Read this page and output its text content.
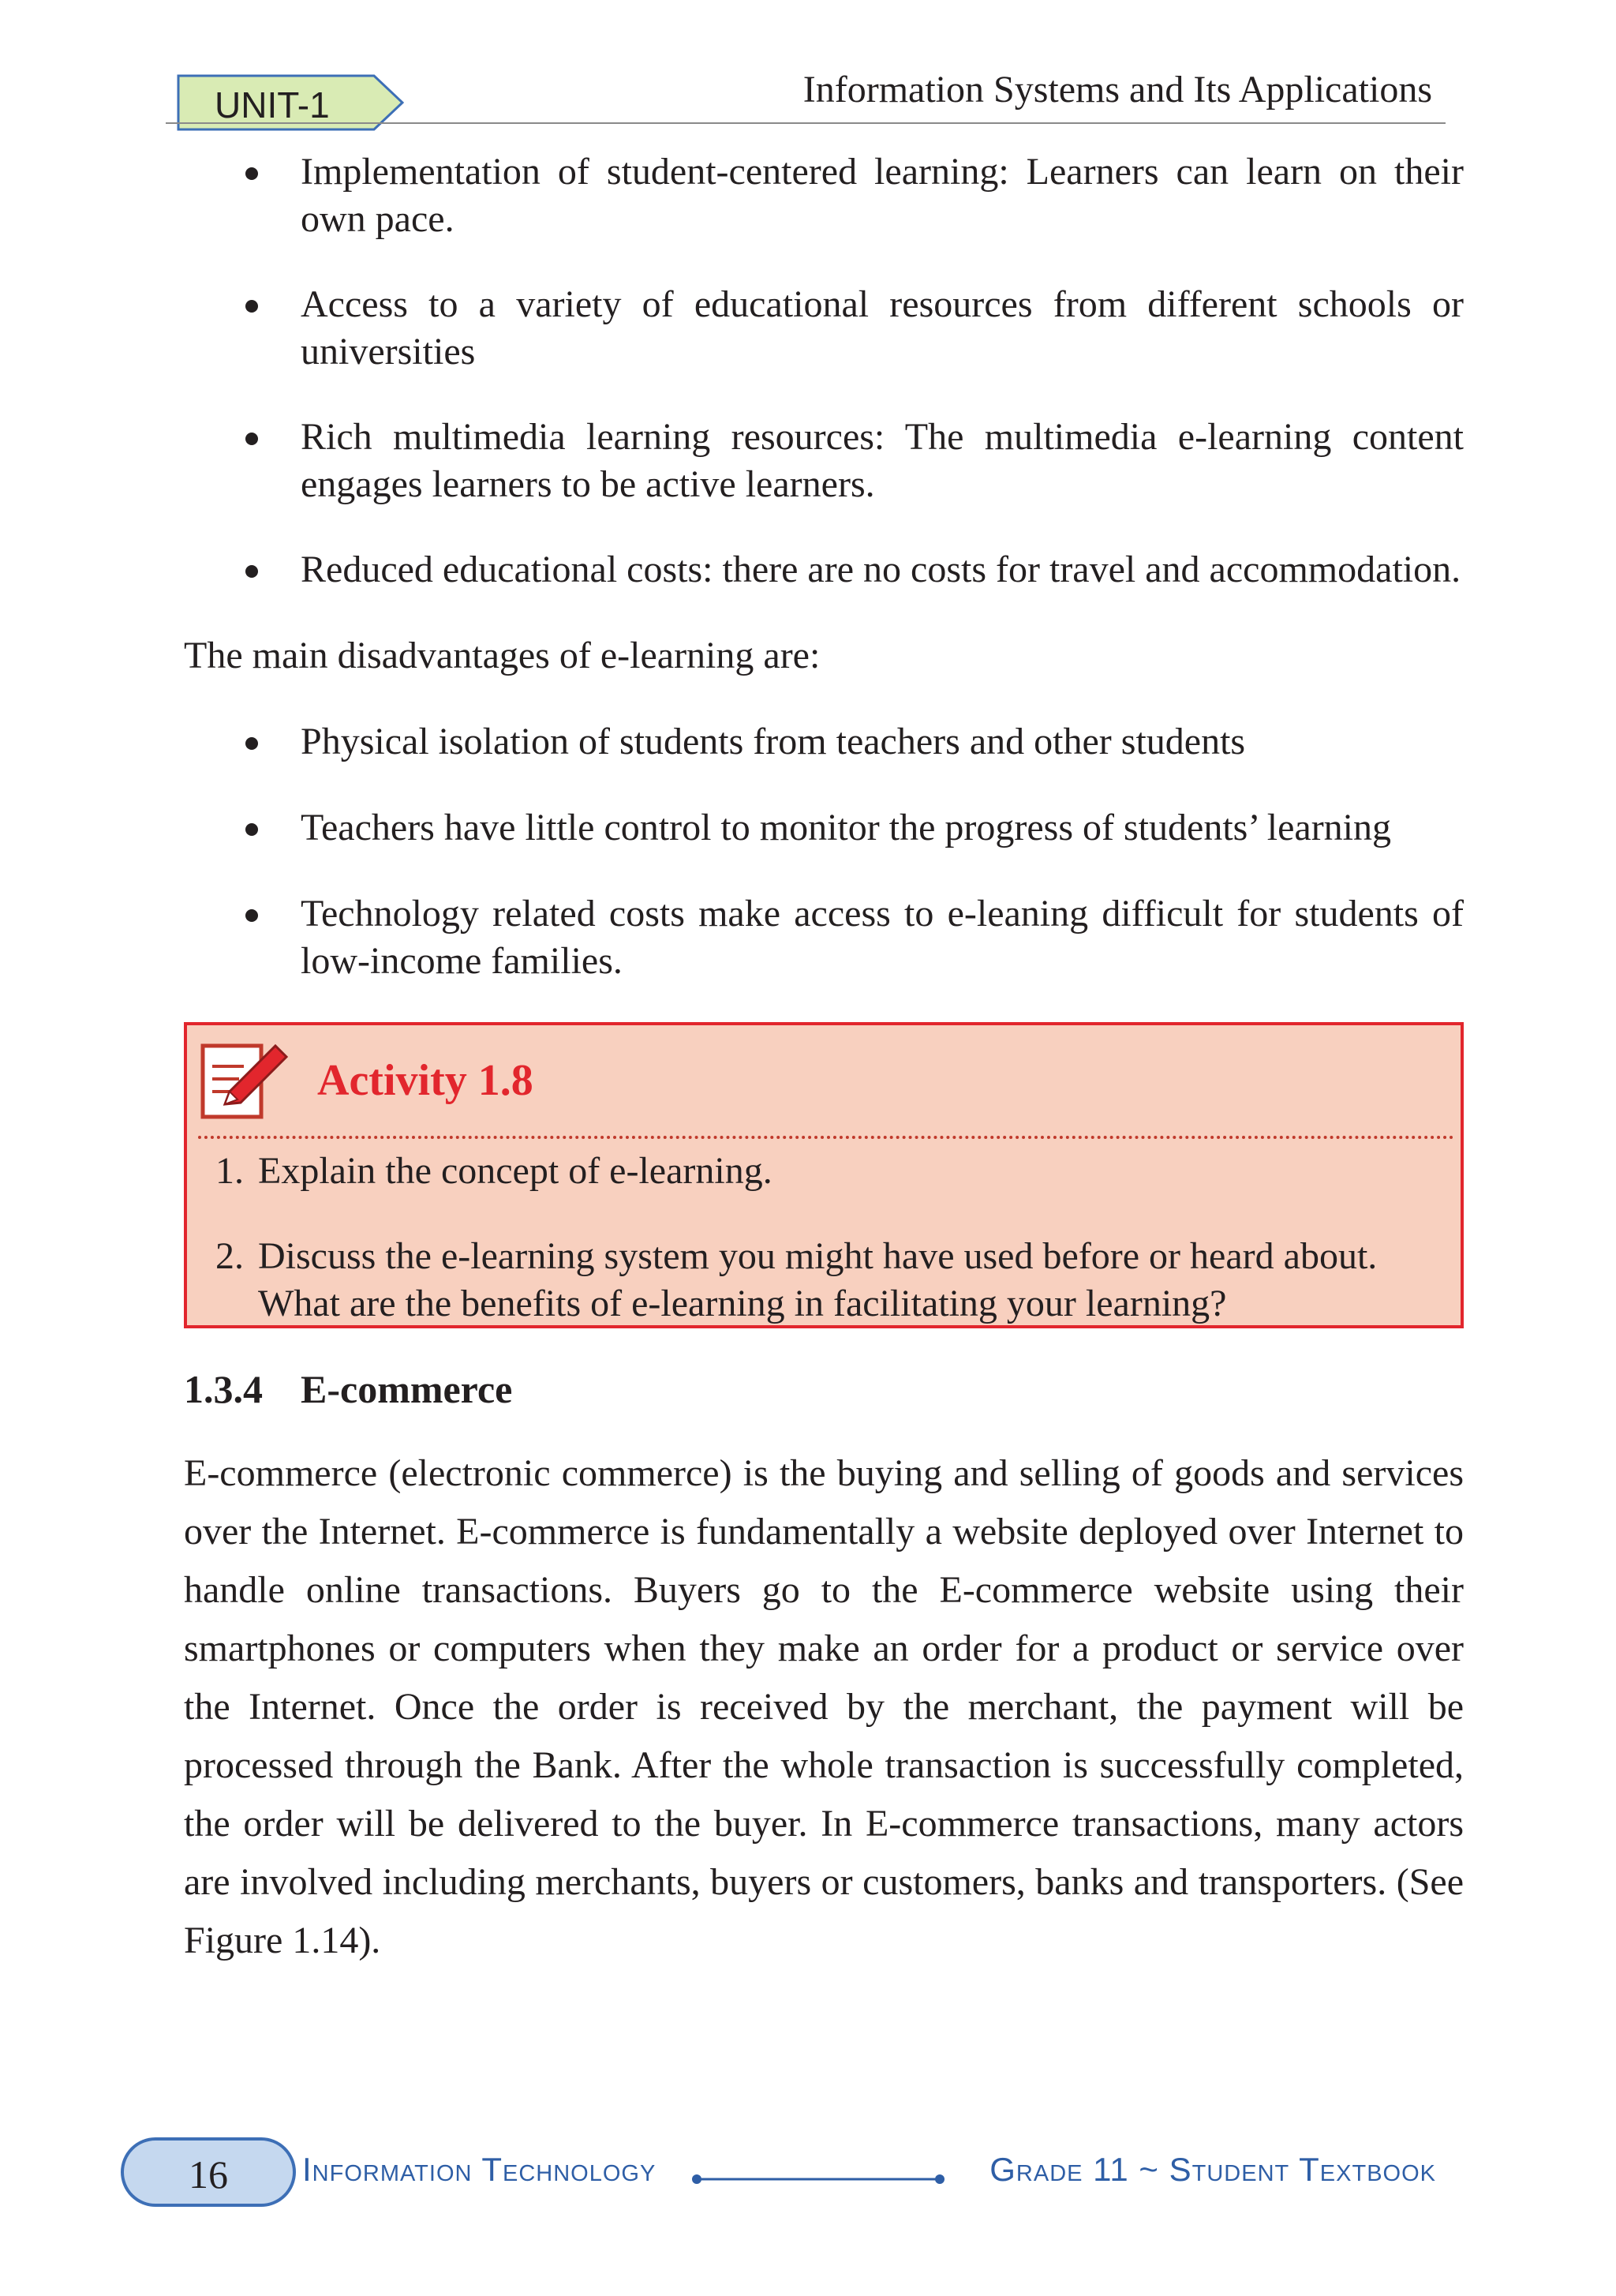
UNIT-1	Information Systems and Its Applications
Implementation of student-centered learning: Learners can learn on their own pace.
Access to a variety of educational resources from different schools or universities
Rich multimedia learning resources: The multimedia e-learning content engages learners to be active learners.
Reduced educational costs: there are no costs for travel and accommodation.
The main disadvantages of e-learning are:
Physical isolation of students from teachers and other students
Teachers have little control to monitor the progress of students’ learning
Technology related costs make access to e-leaning difficult for students of low-income families.
Activity 1.8
1. Explain the concept of e-learning.
2. Discuss the e-learning system you might have used before or heard about. What are the benefits of e-learning in facilitating your learning?
1.3.4 E-commerce
E-commerce (electronic commerce) is the buying and selling of goods and services over the Internet. E-commerce is fundamentally a website deployed over Internet to handle online transactions. Buyers go to the E-commerce website using their smartphones or computers when they make an order for a product or service over the Internet. Once the order is received by the merchant, the payment will be processed through the Bank. After the whole transaction is successfully completed, the order will be delivered to the buyer. In E-commerce transactions, many actors are involved including merchants, buyers or customers, banks and transporters. (See Figure 1.14).
16	Information Technology	Grade 11 ~ Student Textbook
